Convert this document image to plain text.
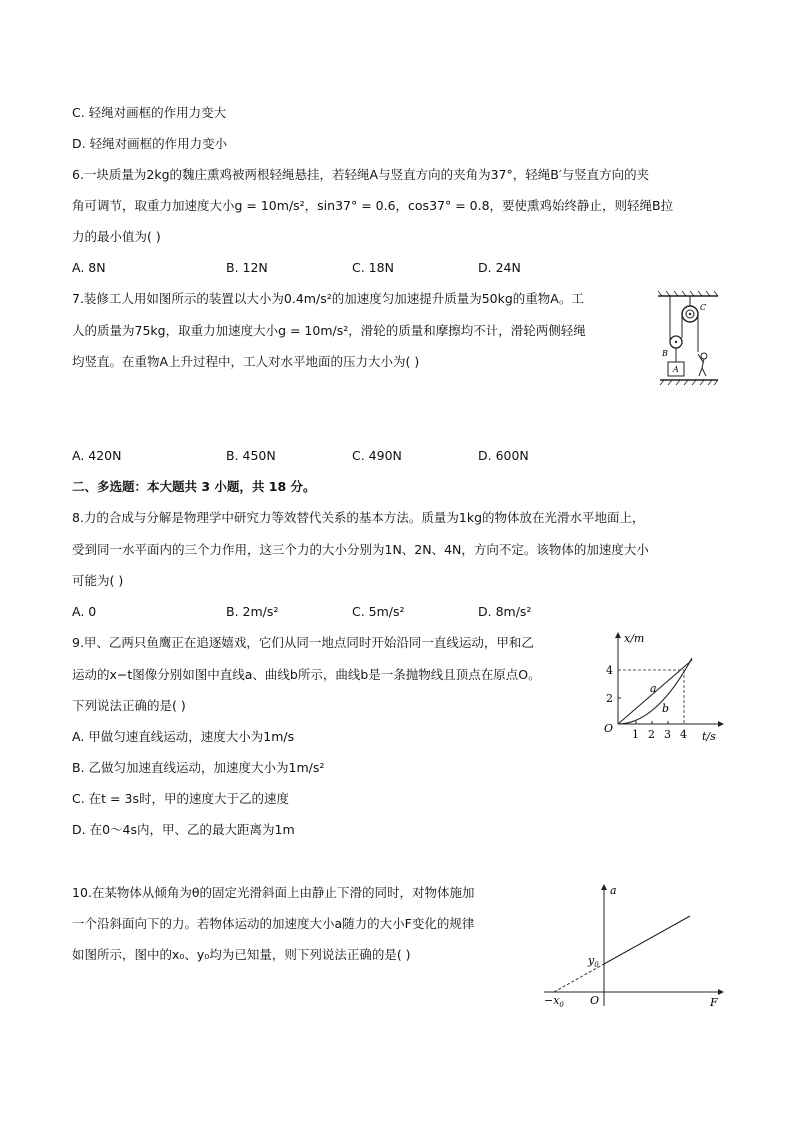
C. 轻绳对画框的作用力变大
D. 轻绳对画框的作用力变小
6.一块质量为2kg的魏庄熏鸡被两根轻绳悬挂，若轻绳A与竖直方向的夹角为37°，轻绳B′与竖直方向的夹
角可调节，取重力加速度大小g = 10m/s²，sin37° = 0.6，cos37° = 0.8，要使熏鸡始终静止，则轻绳B拉
力的最小值为( )
A. 8N	B. 12N	C. 18N	D. 24N
7.装修工人用如图所示的装置以大小为0.4m/s²的加速度匀加速提升质量为50kg的重物A。工
人的质量为75kg，取重力加速度大小g = 10m/s²，滑轮的质量和摩擦均不计，滑轮两侧轻绳
均竖直。在重物A上升过程中，工人对水平地面的压力大小为( )
C
B
A
A. 420N	B. 450N	C. 490N	D. 600N
二、多选题：本大题共 3 小题，共 18 分。
8.力的合成与分解是物理学中研究力等效替代关系的基本方法。质量为1kg的物体放在光滑水平地面上，
受到同一水平面内的三个力作用，这三个力的大小分别为1N、2N、4N，方向不定。该物体的加速度大小
可能为( )
A. 0	B. 2m/s²	C. 5m/s²	D. 8m/s²
9.甲、乙两只鱼鹰正在追逐嬉戏，它们从同一地点同时开始沿同一直线运动，甲和乙
运动的x−t图像分别如图中直线a、曲线b所示，曲线b是一条抛物线且顶点在原点O。
下列说法正确的是( )
A. 甲做匀速直线运动，速度大小为1m/s
B. 乙做匀加速直线运动，加速度大小为1m/s²
C. 在t = 3s时，甲的速度大于乙的速度
D. 在0～4s内，甲、乙的最大距离为1m
x/m
t/s
O
2
4
1 2 3 4
a
b
10.在某物体从倾角为θ的固定光滑斜面上由静止下滑的同时，对物体施加
一个沿斜面向下的力。若物体运动的加速度大小a随力的大小F变化的规律
如图所示，图中的x₀、y₀均为已知量，则下列说法正确的是( )
a
F
O
$y_0$
$-x_0$
